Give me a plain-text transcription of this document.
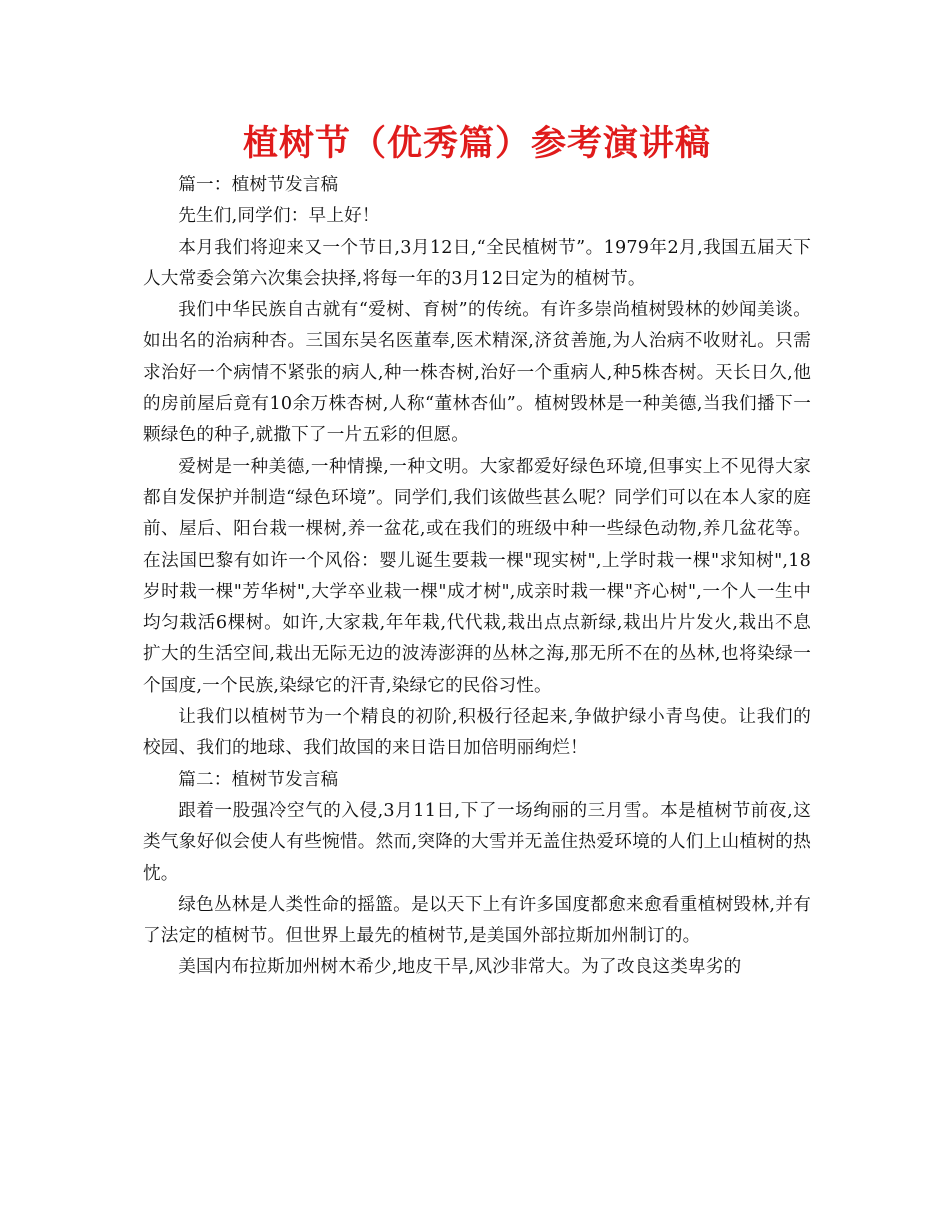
植树节（优秀篇）参考演讲稿

篇一：植树节发言稿

先生们,同学们：早上好！

本月我们将迎来又一个节日,3月12日,“全民植树节”。1979年2月,我国五届天下人大常委会第六次集会抉择,将每一年的3月12日定为的植树节。

我们中华民族自古就有“爱树、育树”的传统。有许多崇尚植树毁林的妙闻美谈。如出名的治病种杏。三国东吴名医董奉,医术精深,济贫善施,为人治病不收财礼。只需求治好一个病情不紧张的病人,种一株杏树,治好一个重病人,种5株杏树。天长日久,他的房前屋后竟有10余万株杏树,人称“董林杏仙”。植树毁林是一种美德,当我们播下一颗绿色的种子,就撒下了一片五彩的但愿。

爱树是一种美德,一种情操,一种文明。大家都爱好绿色环境,但事实上不见得大家都自发保护并制造“绿色环境”。同学们,我们该做些甚么呢？同学们可以在本人家的庭前、屋后、阳台栽一棵树,养一盆花,或在我们的班级中种一些绿色动物,养几盆花等。在法国巴黎有如许一个风俗：婴儿诞生要栽一棵"现实树",上学时栽一棵"求知树",18岁时栽一棵"芳华树",大学卒业栽一棵"成才树",成亲时栽一棵"齐心树",一个人一生中均匀栽活6棵树。如许,大家栽,年年栽,代代栽,栽出点点新绿,栽出片片发火,栽出不息扩大的生活空间,栽出无际无边的波涛澎湃的丛林之海,那无所不在的丛林,也将染绿一个国度,一个民族,染绿它的汗青,染绿它的民俗习性。

让我们以植树节为一个精良的初阶,积极行径起来,争做护绿小青鸟使。让我们的校园、我们的地球、我们故国的来日诰日加倍明丽绚烂！

篇二：植树节发言稿

跟着一股强冷空气的入侵,3月11日,下了一场绚丽的三月雪。本是植树节前夜,这类气象好似会使人有些惋惜。然而,突降的大雪并无盖住热爱环境的人们上山植树的热忱。

绿色丛林是人类性命的摇篮。是以天下上有许多国度都愈来愈看重植树毁林,并有了法定的植树节。但世界上最先的植树节,是美国外部拉斯加州制订的。

美国内布拉斯加州树木希少,地皮干旱,风沙非常大。为了改良这类卑劣的
